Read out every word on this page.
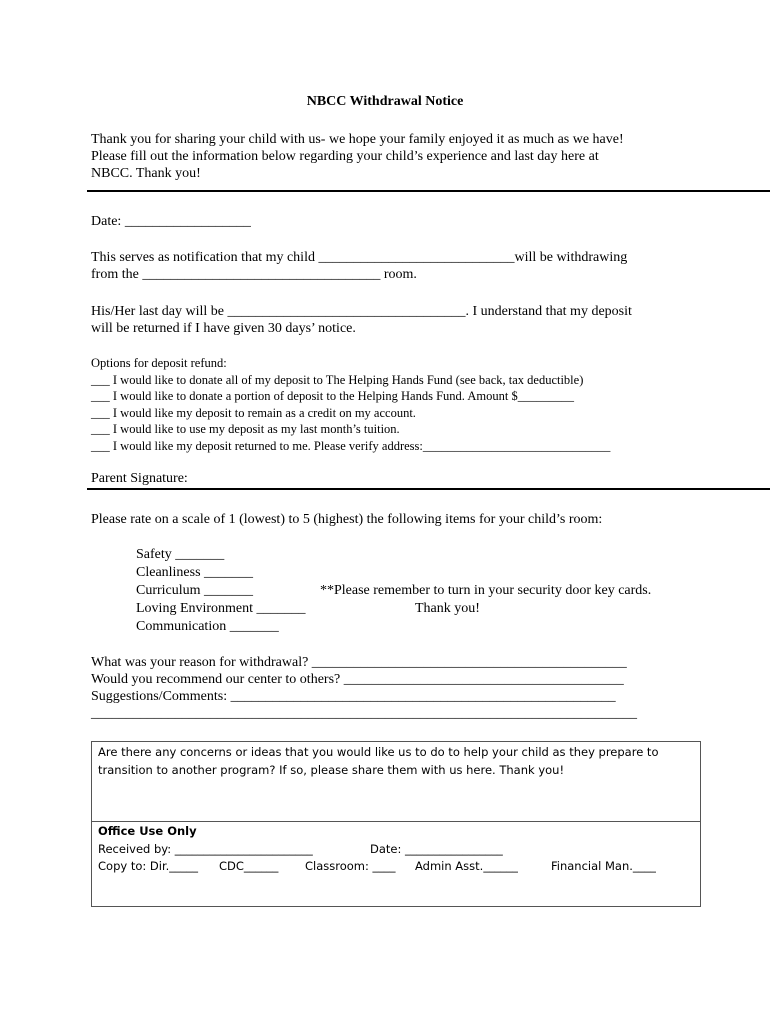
NBCC Withdrawal Notice
Thank you for sharing your child with us- we hope your family enjoyed it as much as we have!
Please fill out the information below regarding your child’s experience and last day here at
NBCC. Thank you!
Date: __________________
This serves as notification that my child ____________________________will be withdrawing
from the __________________________________ room.
His/Her last day will be __________________________________. I understand that my deposit
will be returned if I have given 30 days’ notice.
Options for deposit refund:
___ I would like to donate all of my deposit to The Helping Hands Fund (see back, tax deductible)
___ I would like to donate a portion of deposit to the Helping Hands Fund. Amount $_________
___ I would like my deposit to remain as a credit on my account.
___ I would like to use my deposit as my last month’s tuition.
___ I would like my deposit returned to me. Please verify address:______________________________
Parent Signature:
Please rate on a scale of 1 (lowest) to 5 (highest) the following items for your child’s room:
Safety _______
Cleanliness _______
Curriculum _______
Loving Environment _______
Communication _______
**Please remember to turn in your security door key cards.
Thank you!
What was your reason for withdrawal? _____________________________________________
Would you recommend our center to others? ________________________________________
Suggestions/Comments: _______________________________________________________
______________________________________________________________________________
Are there any concerns or ideas that you would like us to do to help your child as they prepare to
transition to another program? If so, please share them with us here. Thank you!
Office Use Only
Received by: ________________________	Date: _________________
Copy to: Dir._____ CDC______ Classroom: ____ Admin Asst.______	Financial Man.____
